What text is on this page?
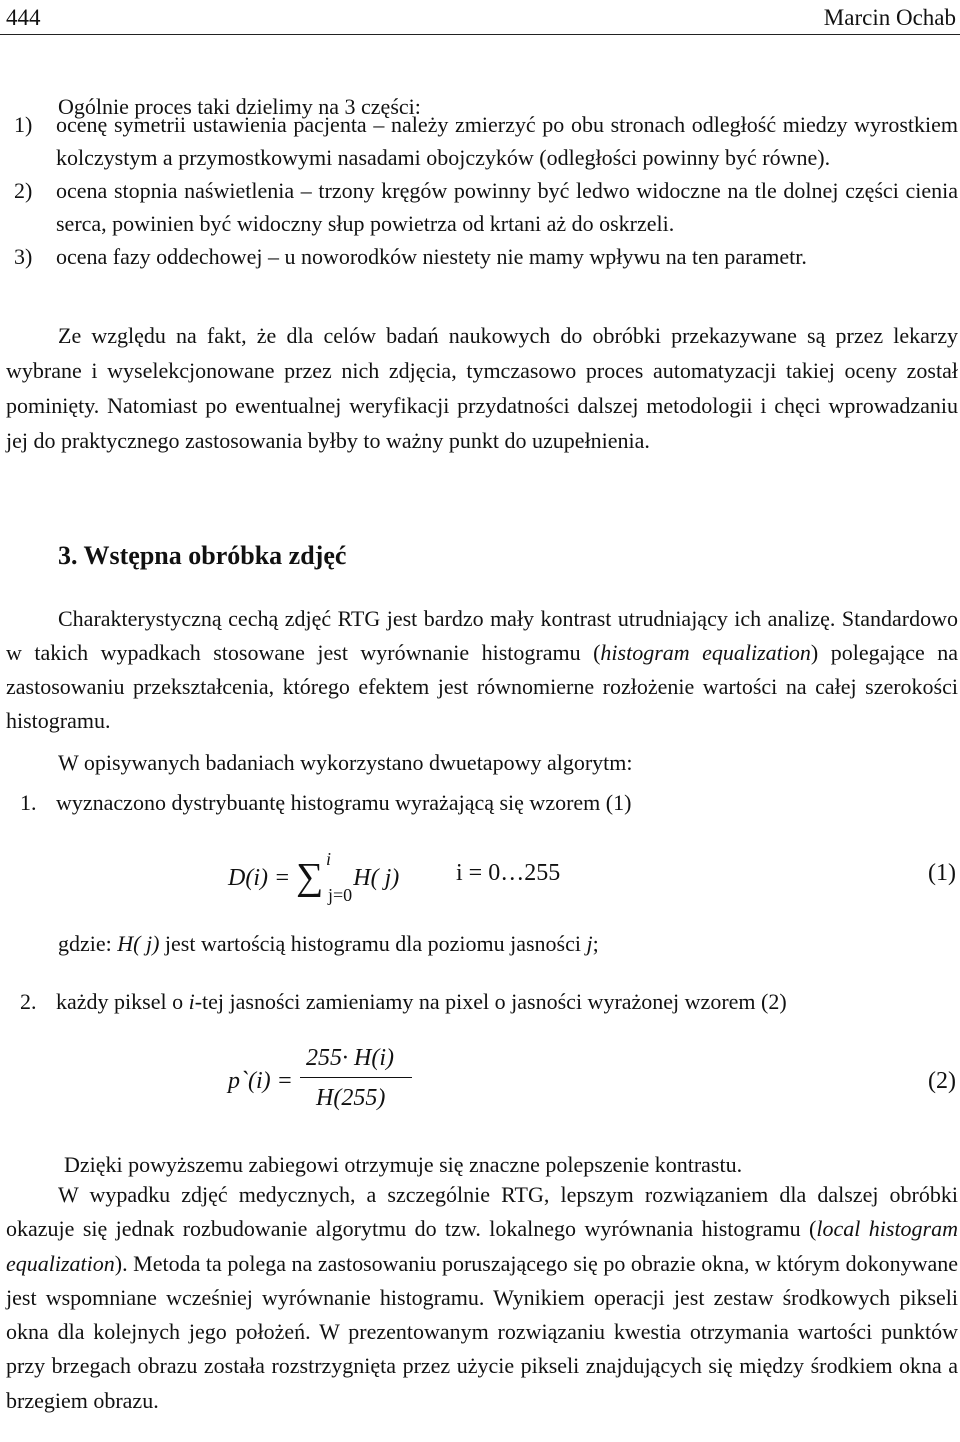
444	Marcin Ochab

Ogólnie proces taki dzielimy na 3 części:

1)	ocenę symetrii ustawienia pacjenta – należy zmierzyć po obu stronach odległość miedzy wyrostkiem kolczystym a przymostkowymi nasadami obojczyków (odległości powinny być równe).
2)	ocena stopnia naświetlenia – trzony kręgów powinny być ledwo widoczne na tle dolnej części cienia serca, powinien być widoczny słup powietrza od krtani aż do oskrzeli.
3)	ocena fazy oddechowej – u noworodków niestety nie mamy wpływu na ten parametr.

Ze względu na fakt, że dla celów badań naukowych do obróbki przekazywane są przez lekarzy wybrane i wyselekcjonowane przez nich zdjęcia, tymczasowo proces automatyzacji takiej oceny został pominięty. Natomiast po ewentualnej weryfikacji przydatności dalszej metodologii i chęci wprowadzaniu jej do praktycznego zastosowania byłby to ważny punkt do uzupełnienia.

3. Wstępna obróbka zdjęć

Charakterystyczną cechą zdjęć RTG jest bardzo mały kontrast utrudniający ich analizę. Standardowo w takich wypadkach stosowane jest wyrównanie histogramu (histogram equalization) polegające na zastosowaniu przekształcenia, którego efektem jest równomierne rozłożenie wartości na całej szerokości histogramu.

W opisywanych badaniach wykorzystano dwuetapowy algorytm:

1. wyznaczono dystrybuantę histogramu wyrażającą się wzorem (1)

D(i) = ∑ i
j=0
H( j) i = 0…255	(1)

gdzie: H( j) jest wartością histogramu dla poziomu jasności j;

2. każdy piksel o i-tej jasności zamieniamy na pixel o jasności wyrażonej wzorem (2)

p`(i) =
255· H(i)
H(255)
(2)

Dzięki powyższemu zabiegowi otrzymuje się znaczne polepszenie kontrastu.

W wypadku zdjęć medycznych, a szczególnie RTG, lepszym rozwiązaniem dla dalszej obróbki okazuje się jednak rozbudowanie algorytmu do tzw. lokalnego wyrównania histogramu (local histogram equalization). Metoda ta polega na zastosowaniu poruszającego się po obrazie okna, w którym dokonywane jest wspomniane wcześniej wyrównanie histogramu. Wynikiem operacji jest zestaw środkowych pikseli okna dla kolejnych jego położeń. W prezentowanym rozwiązaniu kwestia otrzymania wartości punktów przy brzegach obrazu została rozstrzygnięta przez użycie pikseli znajdujących się między środkiem okna a brzegiem obrazu.
